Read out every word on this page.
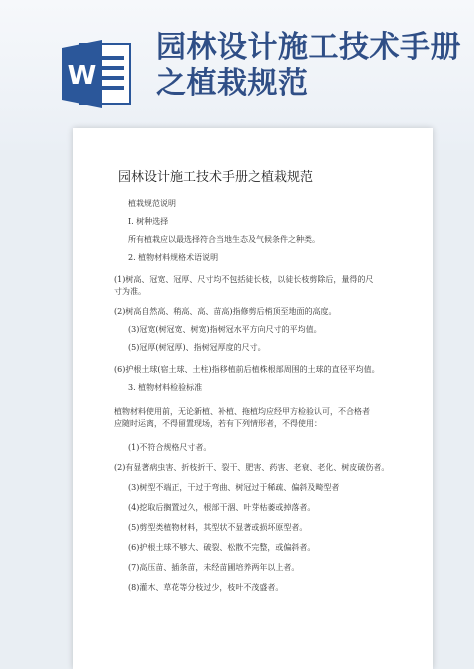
W
园林设计施工技术手册
之植栽规范
园林设计施工技术手册之植栽规范
植栽规范说明
I. 树种选择
所有植栽应以最选择符合当地生态及气候条件之种类。
2. 植物材料规格术语说明
(1)树高、冠宽、冠厚、尺寸均不包括徒长枝，以徒长枝剪除后，量得的尺寸为准。
(2)树高自然高、稍高、高、苗高)指修剪后梢顶至地面的高度。
(3)冠宽(树冠宽、树宽)指树冠水平方向尺寸的平均值。
(5)冠厚(树冠厚)、指树冠厚度的尺寸。
(6)护根土球(宿土球、土柱)指移植前后植株根部周围的土球的直径平均值。
3. 植物材料检验标准
植物材料使用前，无论新植、补植、拖植均应经甲方检验认可，不合格者应随时运离，不得留置现场，若有下列情形者，不得使用：
(1)不符合规格尺寸者。
(2)有显著病虫害、折枝折干、裂干、肥害、药害、老衰、老化、树皮破伤者。
(3)树型不端正，干过于弯曲、树冠过于稀疏、偏斜及畸型者
(4)挖取后搁置过久，根部干涸、叶芽枯萎或掉落者。
(5)剪型类植物材料，其型状不显著或损坏原型者。
(6)护根土球不够大、破裂、松散不完整，或偏斜者。
(7)高压苗、插条苗，未经苗圃培养两年以上者。
(8)灌木、草花等分枝过少，枝叶不茂盛者。
